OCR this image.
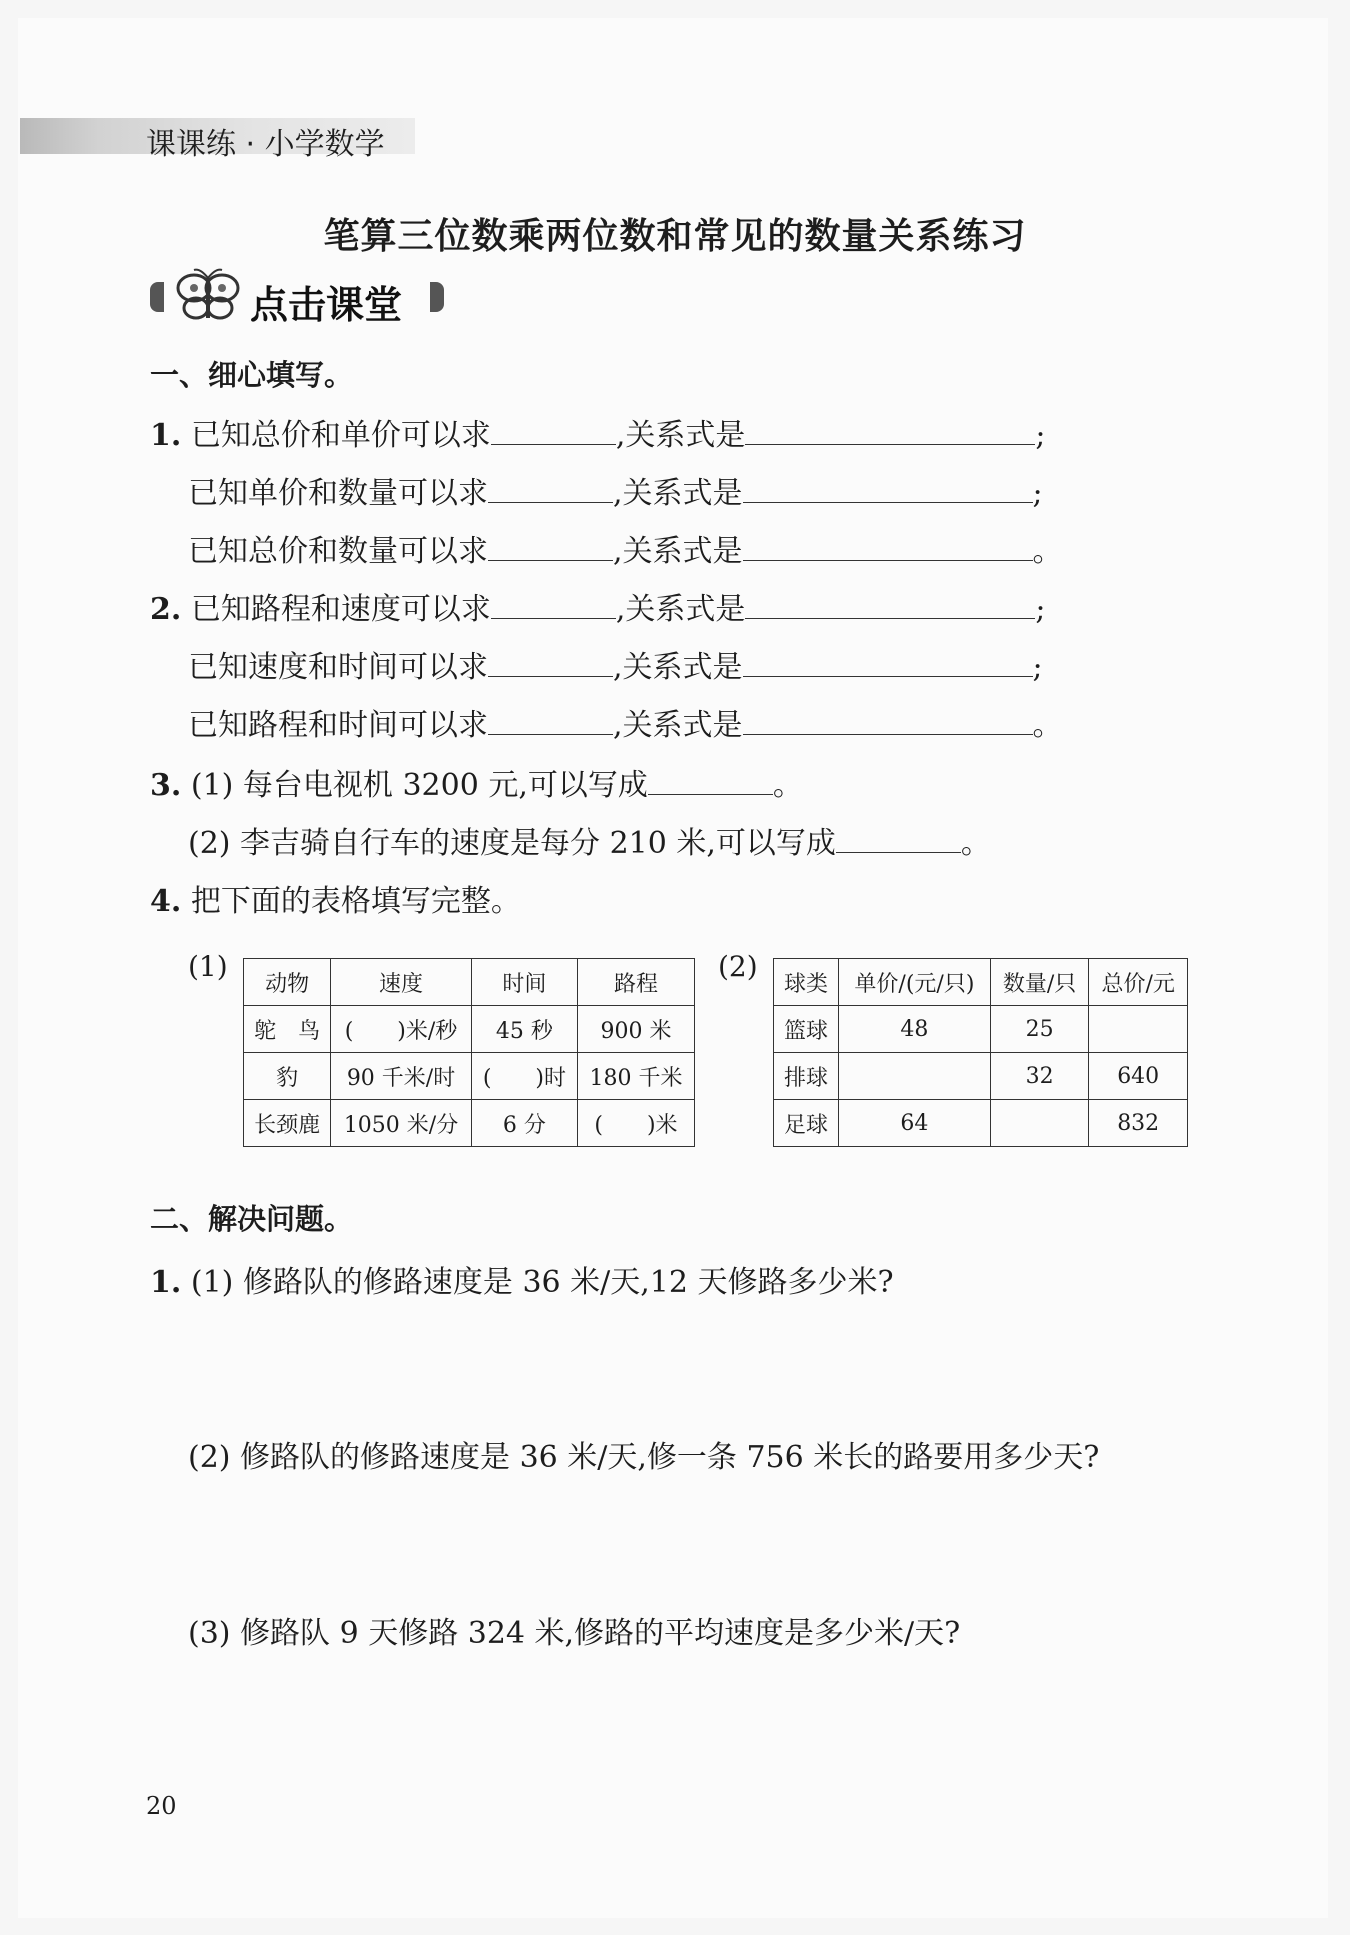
课课练 · 小学数学
笔算三位数乘两位数和常见的数量关系练习
点击课堂
一、细心填写。
1. 已知总价和单价可以求	,关系式是	;
已知单价和数量可以求	,关系式是	;
已知总价和数量可以求	,关系式是	。
2. 已知路程和速度可以求	,关系式是	;
已知速度和时间可以求	,关系式是	;
已知路程和时间可以求	,关系式是	。
3. (1) 每台电视机 3200 元,可以写成	。
(2) 李吉骑自行车的速度是每分 210 米,可以写成	。
4. 把下面的表格填写完整。
(1)
动物	速度	时间	路程
鸵　鸟	(　　)米/秒	45 秒	900 米
豹	90 千米/时	(　　)时	180 千米
长颈鹿	1050 米/分	6 分	(　　)米
(2)
球类	单价/(元/只)	数量/只	总价/元
篮球	48	25	
排球		32	640
足球	64		832
二、解决问题。
1. (1) 修路队的修路速度是 36 米/天,12 天修路多少米?
(2) 修路队的修路速度是 36 米/天,修一条 756 米长的路要用多少天?
(3) 修路队 9 天修路 324 米,修路的平均速度是多少米/天?
20
